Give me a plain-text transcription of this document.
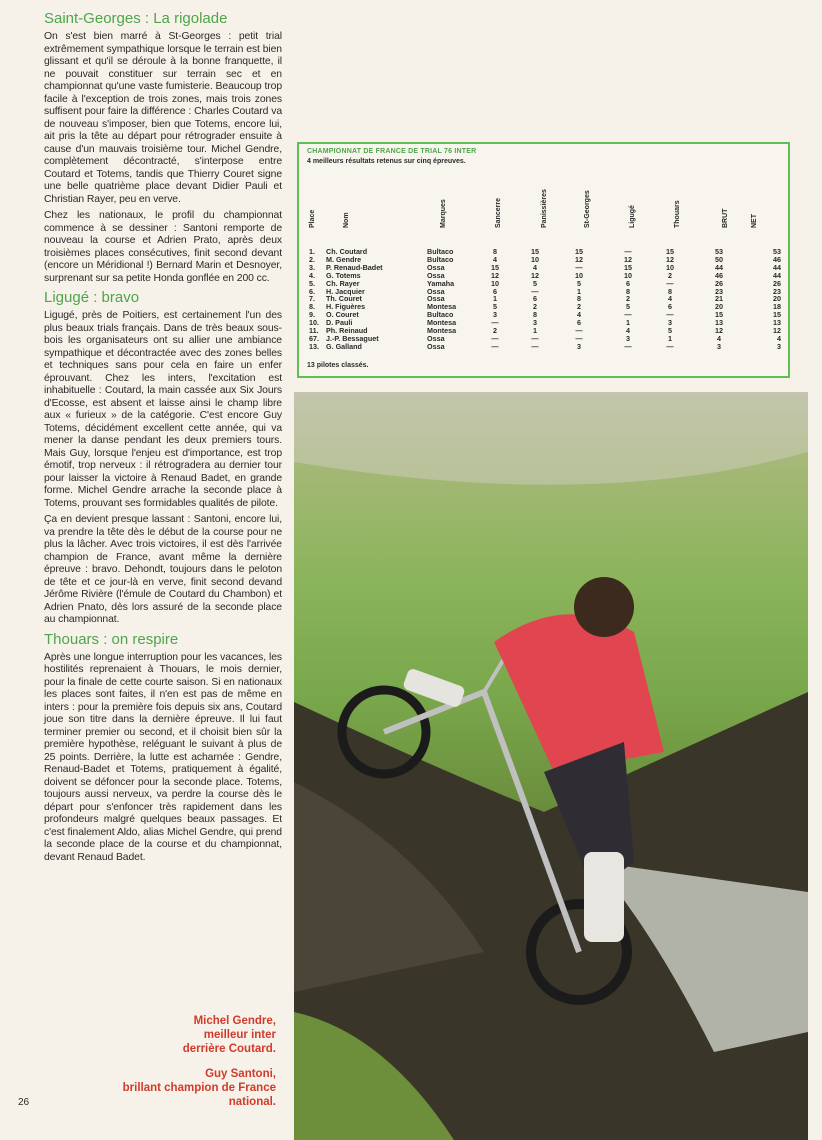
Saint-Georges : La rigolade

On s'est bien marré à St-Georges : petit trial extrêmement sympathique lorsque le terrain est bien glissant et qu'il se déroule à la bonne franquette, il ne pouvait constituer sur terrain sec et en championnat qu'une vaste fumisterie. Beaucoup trop facile à l'exception de trois zones, mais trois zones suffisent pour faire la différence : Charles Coutard va de nouveau s'imposer, bien que Totems, encore lui, ait pris la tête au départ pour rétrograder ensuite à cause d'un mauvais troisième tour. Michel Gendre, complètement décontracté, s'interpose entre Coutard et Totems, tandis que Thierry Couret signe une belle quatrième place devant Didier Pauli et Christian Rayer, peu en verve.

Chez les nationaux, le profil du championnat commence à se dessiner : Santoni remporte de nouveau la course et Adrien Prato, après deux troisièmes places consécutives, finit second devant (encore un Méridional !) Bernard Marin et Desnoyer, surprenant sur sa petite Honda gonflée en 200 cc.

Ligugé : bravo

Ligugé, près de Poitiers, est certainement l'un des plus beaux trials français. Dans de très beaux sous-bois les organisateurs ont su allier une ambiance sympathique et décontractée avec des zones belles et techniques sans pour cela en faire un enfer éprouvant. Chez les inters, l'excitation est inhabituelle : Coutard, la main cassée aux Six Jours d'Ecosse, est absent et laisse ainsi le champ libre aux « furieux » de la catégorie. C'est encore Guy Totems, décidément excellent cette année, qui va mener la danse pendant les deux premiers tours. Mais Guy, lorsque l'enjeu est d'importance, est trop émotif, trop nerveux : il rétrogradera au dernier tour pour laisser la victoire à Renaud Badet, en grande forme. Michel Gendre arrache la seconde place à Totems, prouvant ses formidables qualités de pilote.

Ça en devient presque lassant : Santoni, encore lui, va prendre la tête dès le début de la course pour ne plus la lâcher. Avec trois victoires, il est dès l'arrivée champion de France, avant même la dernière épreuve : bravo. Dehondt, toujours dans le peloton de tête et ce jour-là en verve, finit second devand Jérôme Rivière (l'émule de Coutard du Chambon) et Adrien Pnato, dès lors assuré de la seconde place au championnat.

Thouars : on respire

Après une longue interruption pour les vacances, les hostilités reprenaient à Thouars, le mois dernier, pour la finale de cette courte saison. Si en nationaux les places sont faites, il n'en est pas de même en inters : pour la première fois depuis six ans, Coutard joue son titre dans la dernière épreuve. Il lui faut terminer premier ou second, et il choisit bien sûr la première hypothèse, reléguant le suivant à plus de 25 points. Derrière, la lutte est acharnée : Gendre, Renaud-Badet et Totems, pratiquement à égalité, doivent se défoncer pour la seconde place. Totems, toujours aussi nerveux, va perdre la course dès le départ pour s'enfoncer très rapidement dans les profondeurs malgré quelques beaux passages. Et c'est finalement Aldo, alias Michel Gendre, qui prend la seconde place de la course et du championnat, devant Renaud Badet.

Michel Gendre,
meilleur inter
derrière Coutard.
Guy Santoni,
brillant champion de France
national.
26
CHAMPIONNAT DE FRANCE DE TRIAL 76 INTER
4 meilleurs résultats retenus sur cinq épreuves.
Place	Nom	Marques	Sancerre	Panissières	St-Georges	Ligugé	Thouars	BRUT	NET
1. Ch. Coutard	Bultaco	8	15	15	—	15	53	53
2. M. Gendre	Bultaco	4	10	12	12	12	50	46
3. P. Renaud-Badet	Ossa	15	4	—	15	10	44	44
4. G. Totems	Ossa	12	12	10	10	2	46	44
5. Ch. Rayer	Yamaha	10	5	5	6	—	26	26
6. H. Jacquier	Ossa	6	—	1	8	8	23	23
7. Th. Couret	Ossa	1	6	8	2	4	21	20
8. H. Figuères	Montesa	5	2	2	5	6	20	18
9. O. Couret	Bultaco	3	8	4	—	—	15	15
10. D. Pauli	Montesa	—	3	6	1	3	13	13
11. Ph. Reinaud	Montesa	2	1	—	4	5	12	12
67. J.-P. Bessaguet	Ossa	—	—	—	3	1	4	4
13. G. Galland	Ossa	—	—	3	—	—	3	3
13 pilotes classés.
